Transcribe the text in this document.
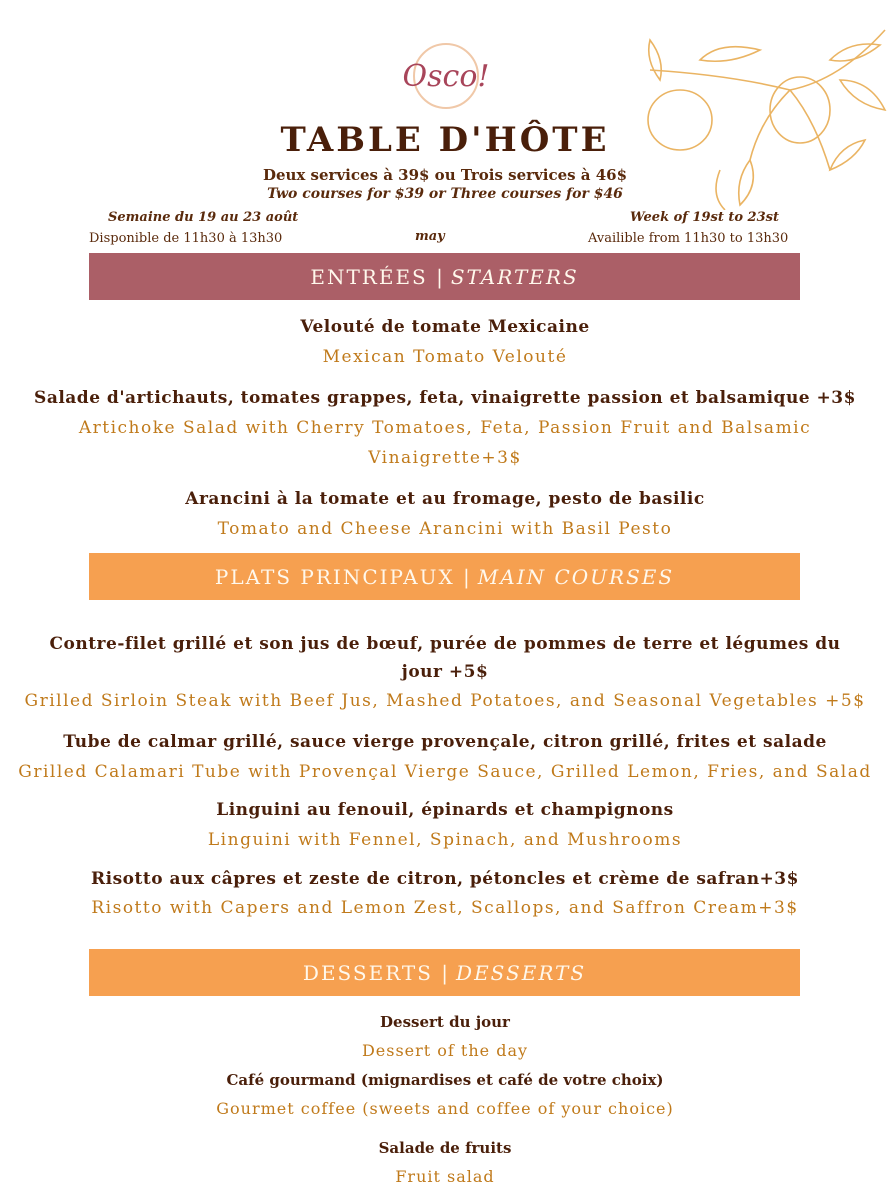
Osco!
TABLE D'HÔTE
Deux services à 39$ ou Trois services à 46$
Two courses for $39 or Three courses for $46
Semaine du 19 au 23 août
Disponible de 11h30 à 13h30	may
Week of 19st to 23st
Availible from 11h30 to 13h30
ENTRÉES | STARTERS
Velouté de tomate Mexicaine
Mexican Tomato Velouté
Salade d'artichauts, tomates grappes, feta, vinaigrette passion et balsamique +3$
Artichoke Salad with Cherry Tomatoes, Feta, Passion Fruit and Balsamic
Vinaigrette+3$
Arancini à la tomate et au fromage, pesto de basilic
Tomato and Cheese Arancini with Basil Pesto
PLATS PRINCIPAUX | MAIN COURSES
Contre-filet grillé et son jus de bœuf, purée de pommes de terre et légumes du
jour +5$
Grilled Sirloin Steak with Beef Jus, Mashed Potatoes, and Seasonal Vegetables +5$
Tube de calmar grillé, sauce vierge provençale, citron grillé, frites et salade
Grilled Calamari Tube with Provençal Vierge Sauce, Grilled Lemon, Fries, and Salad
Linguini au fenouil, épinards et champignons
Linguini with Fennel, Spinach, and Mushrooms
Risotto aux câpres et zeste de citron, pétoncles et crème de safran+3$
Risotto with Capers and Lemon Zest, Scallops, and Saffron Cream+3$
DESSERTS | DESSERTS
Dessert du jour
Dessert of the day
Café gourmand (mignardises et café de votre choix)
Gourmet coffee (sweets and coffee of your choice)
Salade de fruits
Fruit salad
